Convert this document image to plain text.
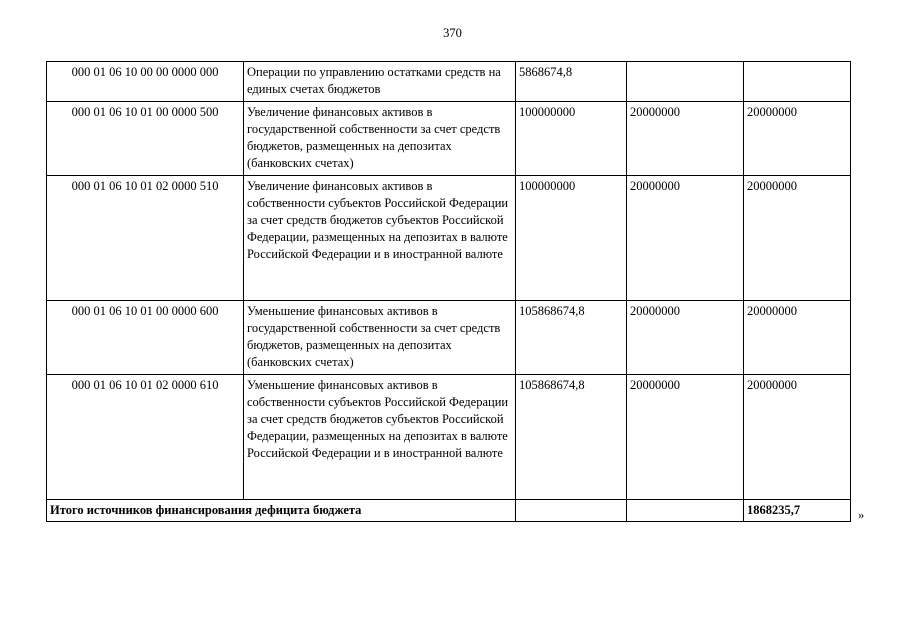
370
000 01 06 10 00 00 0000 000	Операции по управлению остатками средств на единых счетах бюджетов	5868674,8		
000 01 06 10 01 00 0000 500	Увеличение финансовых активов в государственной собственности за счет средств бюджетов, размещенных на депозитах (банковских счетах)	100000000	20000000	20000000
000 01 06 10 01 02 0000 510	Увеличение финансовых активов в собственности субъектов Российской Федерации за счет средств бюджетов субъектов Российской Федерации, размещенных на депозитах в валюте Российской Федерации и в иностранной валюте	100000000	20000000	20000000
000 01 06 10 01 00 0000 600	Уменьшение финансовых активов в государственной собственности за счет средств бюджетов, размещенных на депозитах (банковских счетах)	105868674,8	20000000	20000000
000 01 06 10 01 02 0000 610	Уменьшение финансовых активов в собственности субъектов Российской Федерации за счет средств бюджетов субъектов Российской Федерации, размещенных на депозитах в валюте Российской Федерации и в иностранной валюте	105868674,8	20000000	20000000
Итого источников финансирования дефицита бюджета				1868235,7	»
